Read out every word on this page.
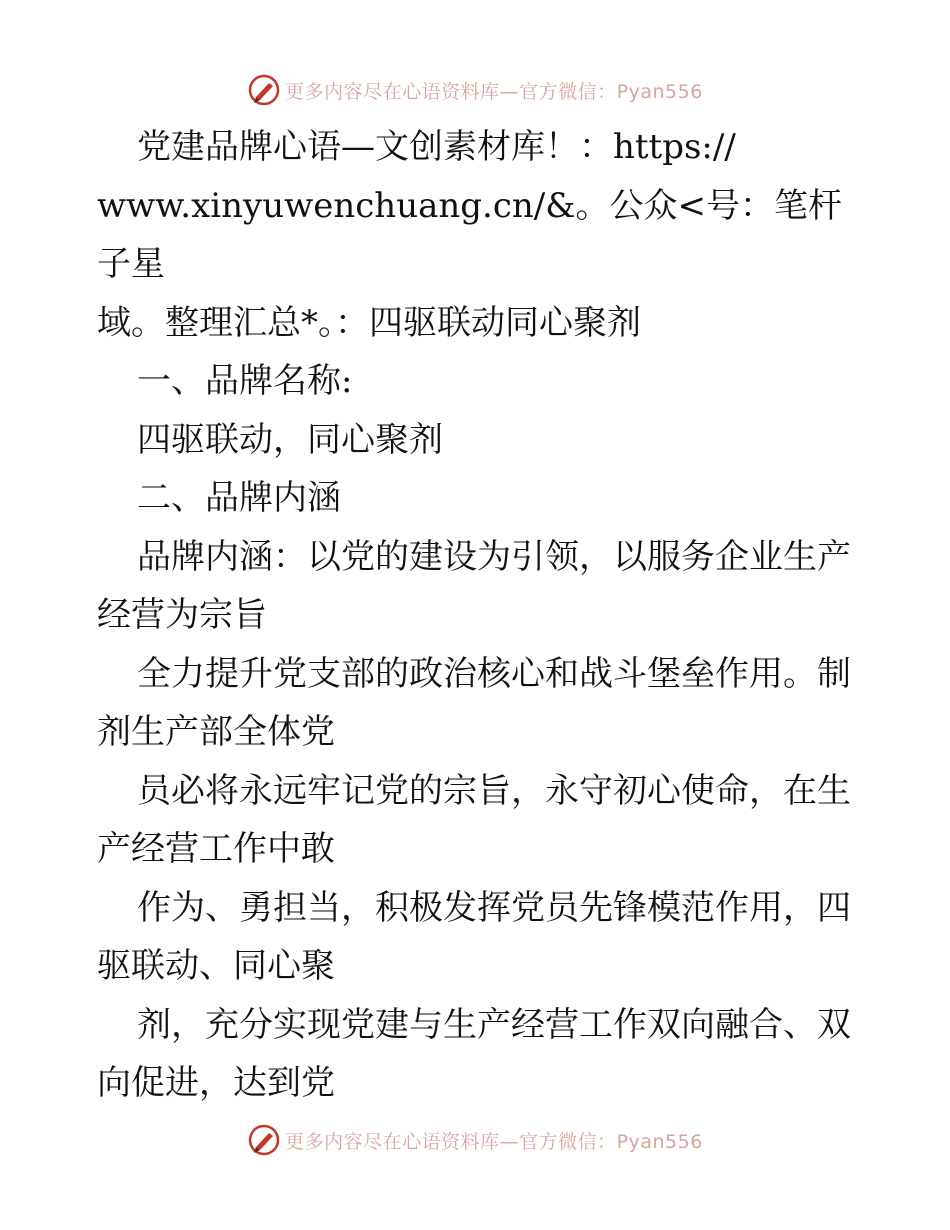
更多内容尽在心语资料库—官方微信：Pyan556

党建品牌心语—文创素材库！：https://

www.xinyuwenchuang.cn/&。公众<号：笔杆子星

域。整理汇总*。：四驱联动同心聚剂

一、品牌名称:

四驱联动，同心聚剂

二、品牌内涵

品牌内涵：以党的建设为引领，以服务企业生产

经营为宗旨

全力提升党支部的政治核心和战斗堡垒作用。制

剂生产部全体党

员必将永远牢记党的宗旨，永守初心使命，在生

产经营工作中敢

作为、勇担当，积极发挥党员先锋模范作用，四

驱联动、同心聚

剂，充分实现党建与生产经营工作双向融合、双

向促进，达到党

更多内容尽在心语资料库—官方微信：Pyan556
